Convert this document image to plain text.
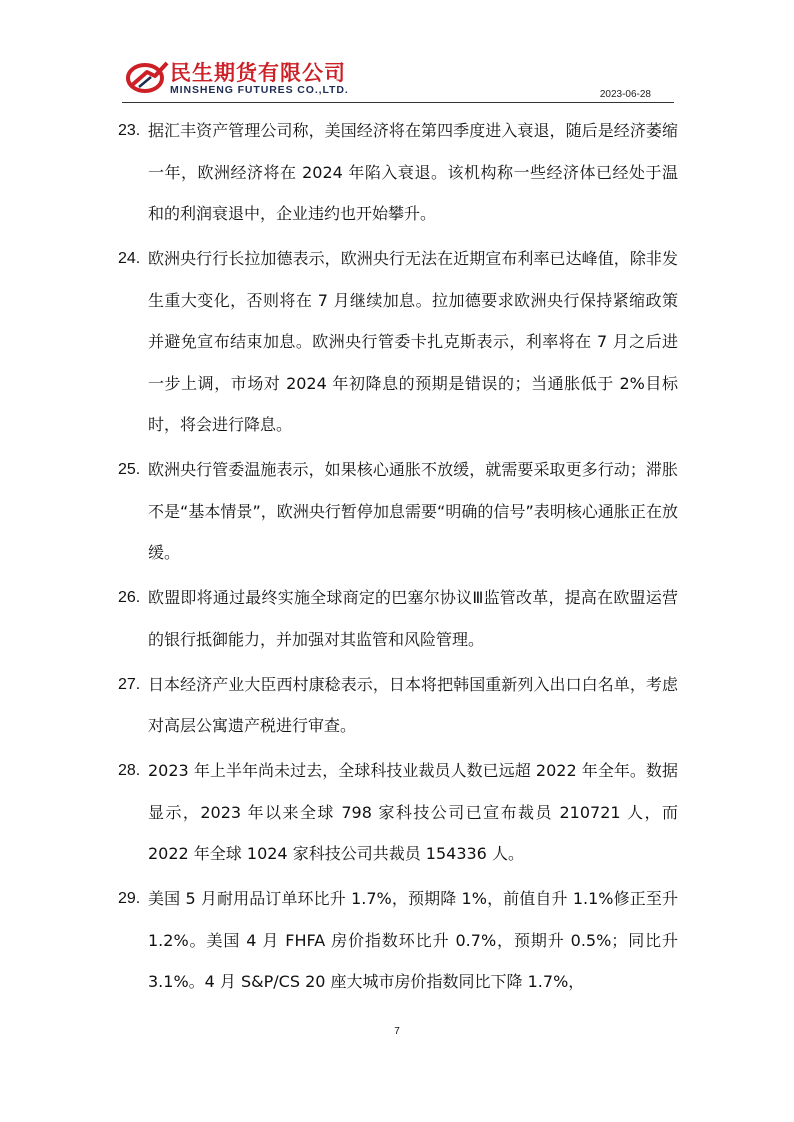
民生期货有限公司
MINSHENG FUTURES CO.,LTD.	2023-06-28
23. 据汇丰资产管理公司称，美国经济将在第四季度进入衰退，随后是经济萎缩一年，欧洲经济将在 2024 年陷入衰退。该机构称一些经济体已经处于温和的利润衰退中，企业违约也开始攀升。
24. 欧洲央行行长拉加德表示，欧洲央行无法在近期宣布利率已达峰值，除非发生重大变化，否则将在 7 月继续加息。拉加德要求欧洲央行保持紧缩政策并避免宣布结束加息。欧洲央行管委卡扎克斯表示，利率将在 7 月之后进一步上调，市场对 2024 年初降息的预期是错误的；当通胀低于 2%目标时，将会进行降息。
25. 欧洲央行管委温施表示，如果核心通胀不放缓，就需要采取更多行动；滞胀不是“基本情景”，欧洲央行暂停加息需要“明确的信号”表明核心通胀正在放缓。
26. 欧盟即将通过最终实施全球商定的巴塞尔协议Ⅲ监管改革，提高在欧盟运营的银行抵御能力，并加强对其监管和风险管理。
27. 日本经济产业大臣西村康稔表示，日本将把韩国重新列入出口白名单，考虑对高层公寓遗产税进行审查。
28. 2023 年上半年尚未过去，全球科技业裁员人数已远超 2022 年全年。数据显示，2023 年以来全球 798 家科技公司已宣布裁员 210721 人，而 2022 年全球 1024 家科技公司共裁员 154336 人。
29. 美国 5 月耐用品订单环比升 1.7%，预期降 1%，前值自升 1.1%修正至升 1.2%。美国 4 月 FHFA 房价指数环比升 0.7%，预期升 0.5%；同比升 3.1%。4 月 S&P/CS 20 座大城市房价指数同比下降 1.7%，
7
